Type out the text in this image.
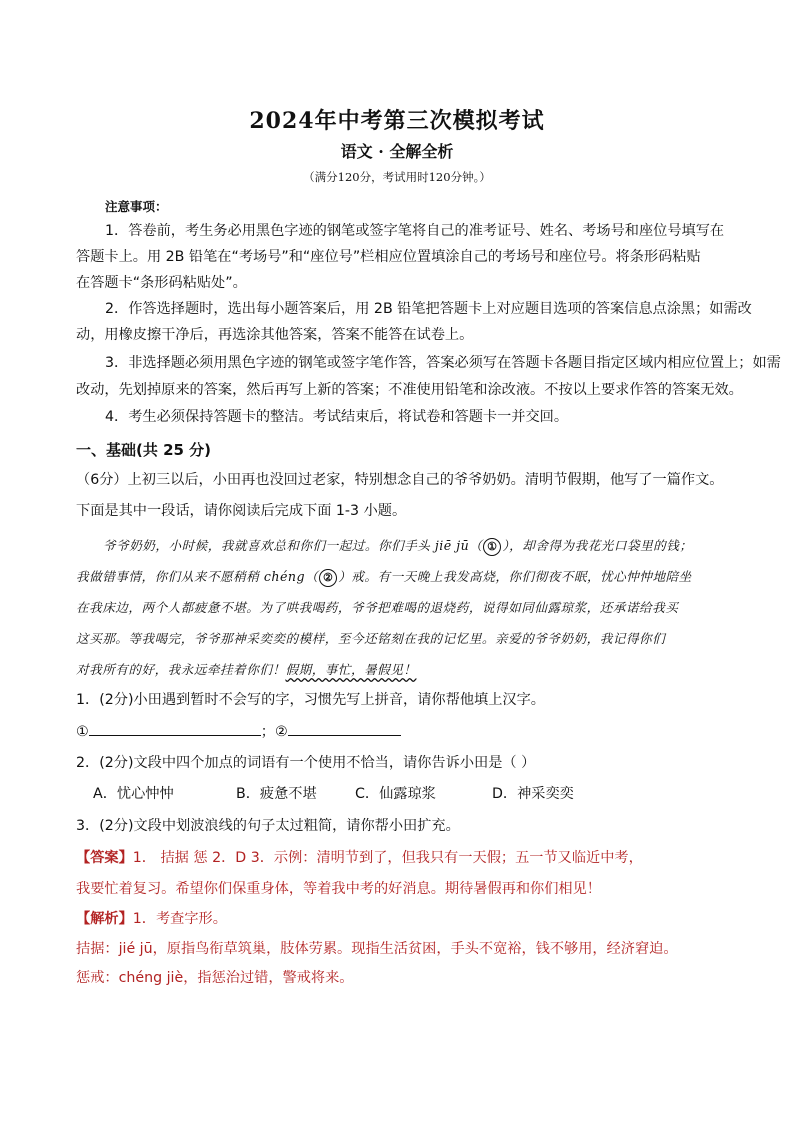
2024年中考第三次模拟考试
语文 · 全解全析
（满分120分，考试用时120分钟。）
注意事项：
1．答卷前，考生务必用黑色字迹的钢笔或签字笔将自己的准考证号、姓名、考场号和座位号填写在
答题卡上。用 2B 铅笔在“考场号”和“座位号”栏相应位置填涂自己的考场号和座位号。将条形码粘贴
在答题卡“条形码粘贴处”。
2．作答选择题时，选出每小题答案后，用 2B 铅笔把答题卡上对应题目选项的答案信息点涂黑；如需改
动，用橡皮擦干净后，再选涂其他答案，答案不能答在试卷上。
3．非选择题必须用黑色字迹的钢笔或签字笔作答，答案必须写在答题卡各题目指定区域内相应位置上；如需
改动，先划掉原来的答案，然后再写上新的答案；不准使用铅笔和涂改液。不按以上要求作答的答案无效。
4．考生必须保持答题卡的整洁。考试结束后，将试卷和答题卡一并交回。
一、基础(共 25 分)
（6分）上初三以后，小田再也没回过老家，特别想念自己的爷爷奶奶。清明节假期，他写了一篇作文。
下面是其中一段话，请你阅读后完成下面 1-3 小题。
爷爷奶奶，小时候，我就喜欢总和你们一起过。你们手头 jiē jū（ ① ），却舍得为我花光口袋里的钱；
我做错事情，你们从来不愿稍稍 chéng（ ② ）戒。有一天晚上我发高烧，你们彻夜不眠，忧心忡忡地陪坐
在我床边，两个人都疲惫不堪。为了哄我喝药，爷爷把难喝的退烧药，说得如同仙露琼浆，还承诺给我买
这买那。等我喝完，爷爷那神采奕奕的模样，至今还铭刻在我的记忆里。亲爱的爷爷奶奶，我记得你们
对我所有的好，我永远牵挂着你们！假期，事忙，暑假见！
1．(2分)小田遇到暂时不会写的字，习惯先写上拼音，请你帮他填上汉字。
①	；②
2．(2分)文段中四个加点的词语有一个使用不恰当，请你告诉小田是（ ）
A．忧心忡忡	B．疲惫不堪	C．仙露琼浆	D．神采奕奕
3．(2分)文段中划波浪线的句子太过粗简，请你帮小田扩充。
【答案】1． 拮据 惩 2．D 3．示例：清明节到了，但我只有一天假；五一节又临近中考，
我要忙着复习。希望你们保重身体，等着我中考的好消息。期待暑假再和你们相见！
【解析】1．考查字形。
拮据：jié jū，原指鸟衔草筑巢，肢体劳累。现指生活贫困，手头不宽裕，钱不够用，经济窘迫。
惩戒：chéng jiè，指惩治过错，警戒将来。
